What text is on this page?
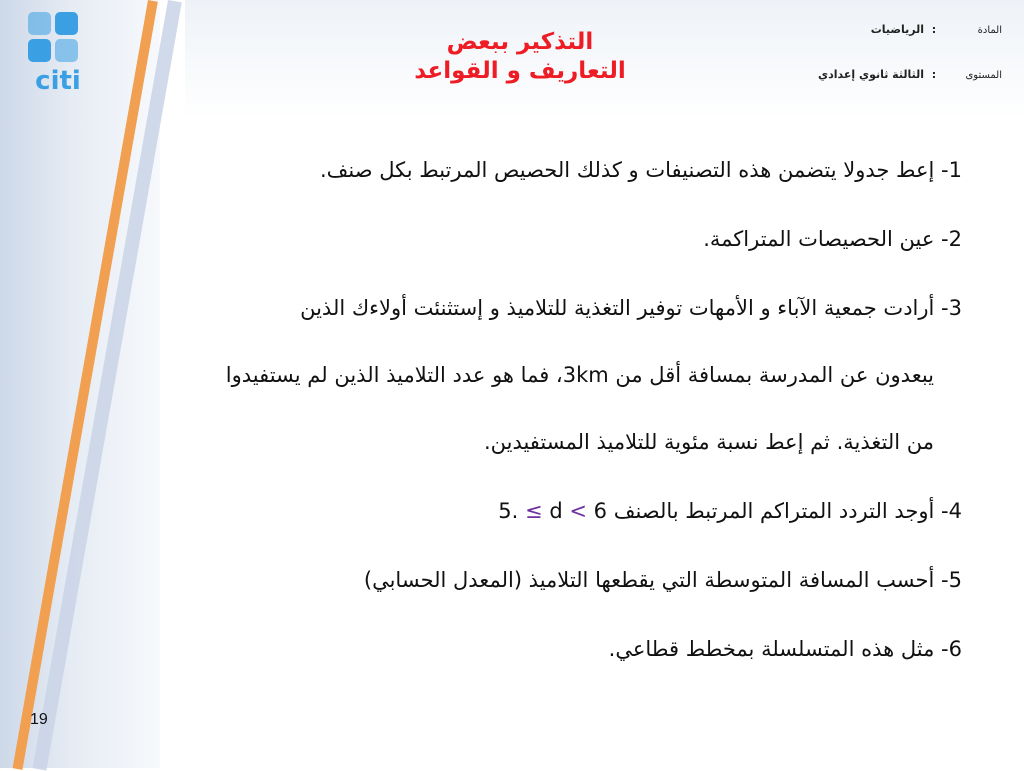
citi
المادة:الرياضيات
المستوى:الثالثة ثانوي إعدادي
التذكير ببعض التعاريف و القواعد
1- إعط جدولا يتضمن هذه التصنيفات و كذلك الحصيص المرتبط بكل صنف.
2- عين الحصيصات المتراكمة.
3- أرادت جمعية الآباء و الأمهات توفير التغذية للتلاميذ و إستثنئت أولاءك الذين
يبعدون عن المدرسة بمسافة أقل من 3km، فما هو عدد التلاميذ الذين لم يستفيدوا
من التغذية. ثم إعط نسبة مئوية للتلاميذ المستفيدين.
4- أوجد التردد المتراكم المرتبط بالصنف 5. ≤ d < 6
5- أحسب المسافة المتوسطة التي يقطعها التلاميذ (المعدل الحسابي)
6- مثل هذه المتسلسلة بمخطط قطاعي.
19
